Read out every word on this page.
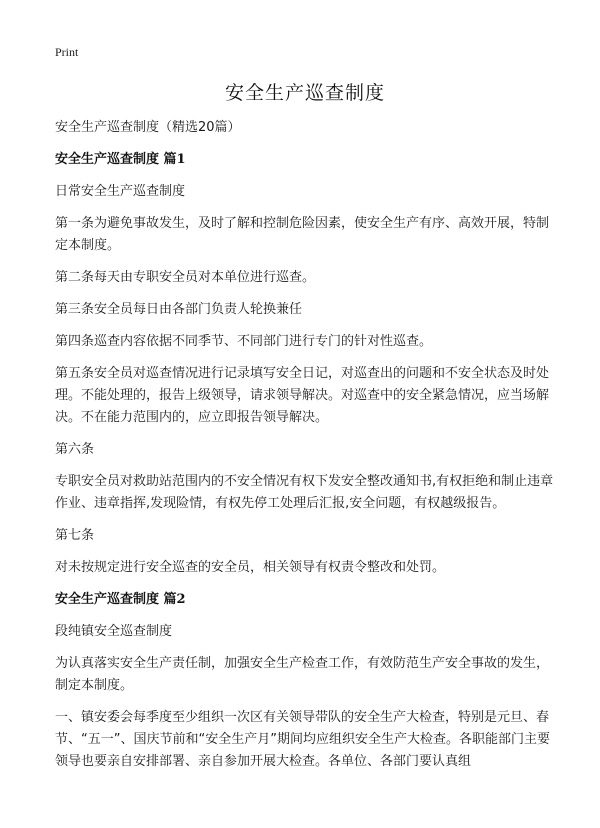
Print
安全生产巡查制度

安全生产巡查制度（精选20篇）

安全生产巡查制度 篇1

日常安全生产巡查制度

第一条为避免事故发生，及时了解和控制危险因素，使安全生产有序、高效开展，特制定本制度。

第二条每天由专职安全员对本单位进行巡查。

第三条安全员每日由各部门负责人轮换兼任

第四条巡查内容依据不同季节、不同部门进行专门的针对性巡查。

第五条安全员对巡查情况进行记录填写安全日记，对巡查出的问题和不安全状态及时处理。不能处理的，报告上级领导，请求领导解决。对巡查中的安全紧急情况，应当场解决。不在能力范围内的，应立即报告领导解决。

第六条

专职安全员对救助站范围内的不安全情况有权下发安全整改通知书,有权拒绝和制止违章作业、违章指挥,发现险情，有权先停工处理后汇报,安全问题，有权越级报告。

第七条

对未按规定进行安全巡查的安全员，相关领导有权责令整改和处罚。

安全生产巡查制度 篇2

段纯镇安全巡查制度

为认真落实安全生产责任制，加强安全生产检查工作，有效防范生产安全事故的发生，制定本制度。

一、镇安委会每季度至少组织一次区有关领导带队的安全生产大检查，特别是元旦、春节、“五一”、国庆节前和“安全生产月”期间均应组织安全生产大检查。各职能部门主要领导也要亲自安排部署、亲自参加开展大检查。各单位、各部门要认真组
